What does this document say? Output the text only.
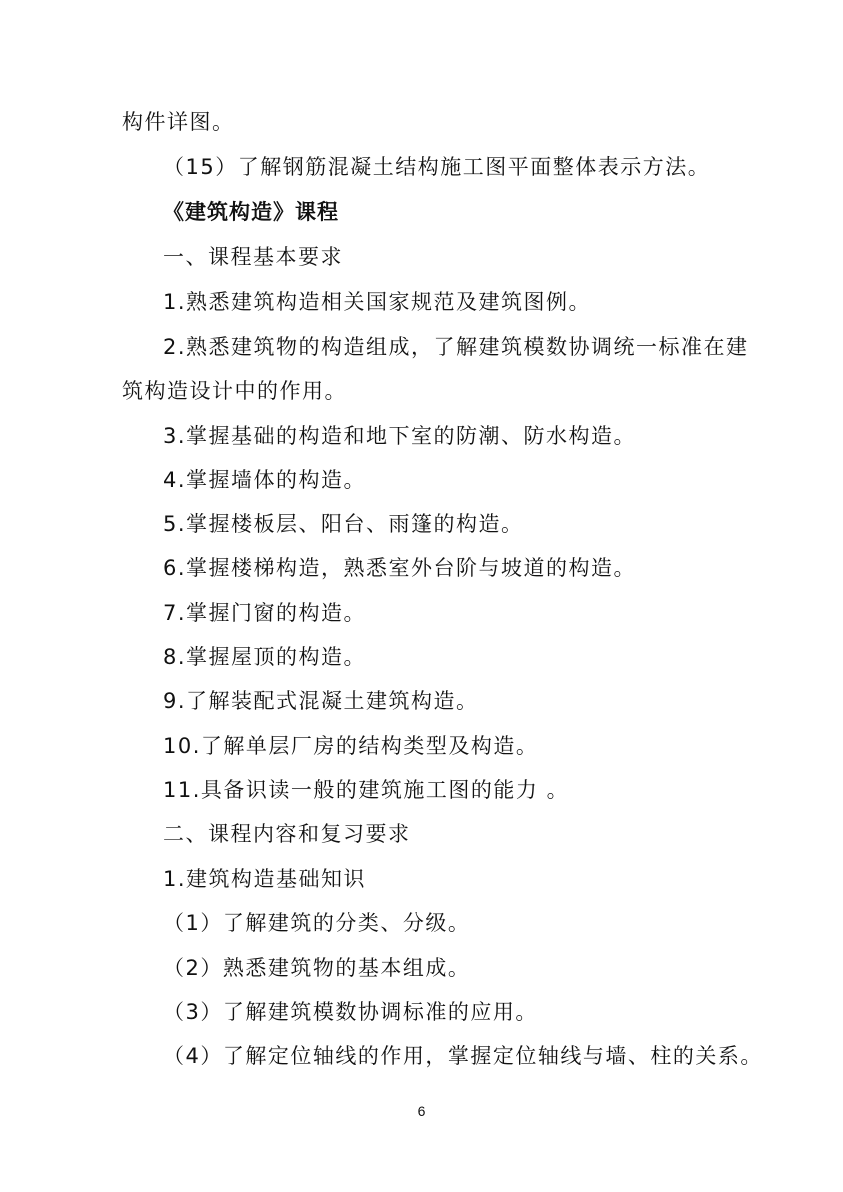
构件详图。
（15）了解钢筋混凝土结构施工图平面整体表示方法。
《建筑构造》课程
一、课程基本要求
1.熟悉建筑构造相关国家规范及建筑图例。
2.熟悉建筑物的构造组成，了解建筑模数协调统一标准在建
筑构造设计中的作用。
3.掌握基础的构造和地下室的防潮、防水构造。
4.掌握墙体的构造。
5.掌握楼板层、阳台、雨篷的构造。
6.掌握楼梯构造，熟悉室外台阶与坡道的构造。
7.掌握门窗的构造。
8.掌握屋顶的构造。
9.了解装配式混凝土建筑构造。
10.了解单层厂房的结构类型及构造。
11.具备识读一般的建筑施工图的能力 。
二、课程内容和复习要求
1.建筑构造基础知识
（1）了解建筑的分类、分级。
（2）熟悉建筑物的基本组成。
（3）了解建筑模数协调标准的应用。
（4）了解定位轴线的作用，掌握定位轴线与墙、柱的关系。
6
